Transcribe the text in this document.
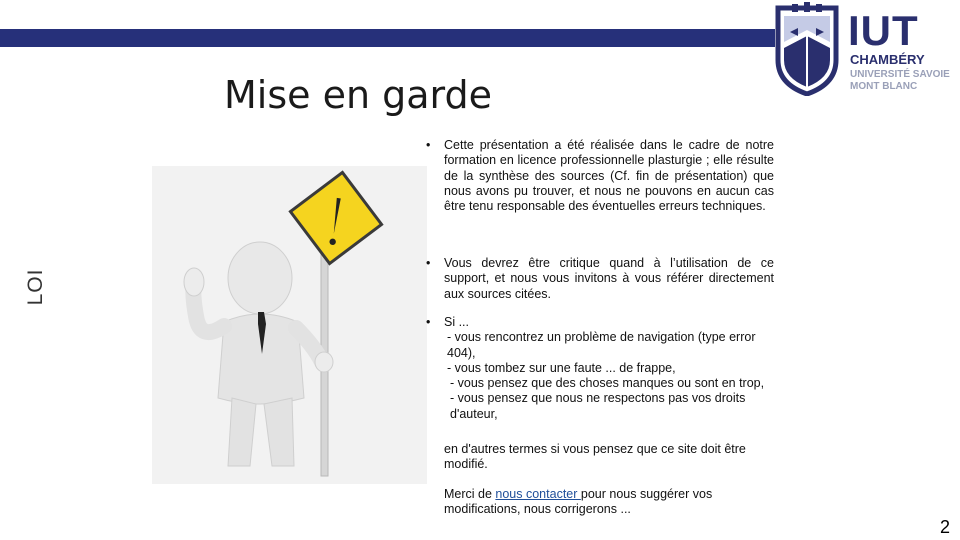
IUT
CHAMBÉRY
UNIVERSITÉ SAVOIE
MONT BLANC
Mise en garde
LOI

• Cette présentation a été réalisée dans le cadre de notre formation en licence professionnelle plasturgie ; elle résulte de la synthèse des sources (Cf. fin de présentation) que nous avons pu trouver, et nous ne pouvons en aucun cas être tenu responsable des éventuelles erreurs techniques.

• Vous devrez être critique quand à l’utilisation de ce support, et nous vous invitons à vous référer directement aux sources citées.

• Si ...
- vous rencontrez un problème de navigation (type error 404),
- vous tombez sur une faute ... de frappe,
- vous pensez que des choses manques ou sont en trop,
- vous pensez que nous ne respectons pas vos droits d'auteur,
en d'autres termes si vous pensez que ce site doit être modifié.
Merci de nous contacter pour nous suggérer vos modifications, nous corrigerons ...
2
